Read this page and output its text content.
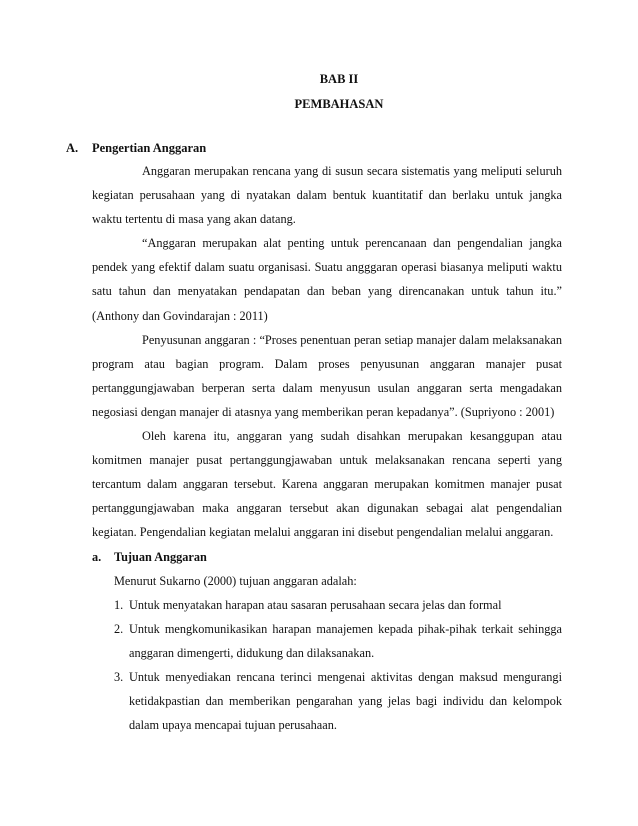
BAB II
PEMBAHASAN
A. Pengertian Anggaran

Anggaran merupakan rencana yang di susun secara sistematis yang meliputi seluruh kegiatan perusahaan yang di nyatakan dalam bentuk kuantitatif dan berlaku untuk jangka waktu tertentu di masa yang akan datang.

“Anggaran merupakan alat penting untuk perencanaan dan pengendalian jangka pendek yang efektif dalam suatu organisasi. Suatu angggaran operasi biasanya meliputi waktu satu tahun dan menyatakan pendapatan dan beban yang direncanakan untuk tahun itu.” (Anthony dan Govindarajan : 2011)

Penyusunan anggaran : “Proses penentuan peran setiap manajer dalam melaksanakan program atau bagian program. Dalam proses penyusunan anggaran manajer pusat pertanggungjawaban berperan serta dalam menyusun usulan anggaran serta mengadakan negosiasi dengan manajer di atasnya yang memberikan peran kepadanya”. (Supriyono : 2001)

Oleh karena itu, anggaran yang sudah disahkan merupakan kesanggupan atau komitmen manajer pusat pertanggungjawaban untuk melaksanakan rencana seperti yang tercantum dalam anggaran tersebut. Karena anggaran merupakan komitmen manajer pusat pertanggungjawaban maka anggaran tersebut akan digunakan sebagai alat pengendalian kegiatan. Pengendalian kegiatan melalui anggaran ini disebut pengendalian melalui anggaran.

a. Tujuan Anggaran

Menurut Sukarno (2000) tujuan anggaran adalah:

1. Untuk menyatakan harapan atau sasaran perusahaan secara jelas dan formal
2. Untuk mengkomunikasikan harapan manajemen kepada pihak-pihak terkait sehingga anggaran dimengerti, didukung dan dilaksanakan.
3. Untuk menyediakan rencana terinci mengenai aktivitas dengan maksud mengurangi ketidakpastian dan memberikan pengarahan yang jelas bagi individu dan kelompok dalam upaya mencapai tujuan perusahaan.
